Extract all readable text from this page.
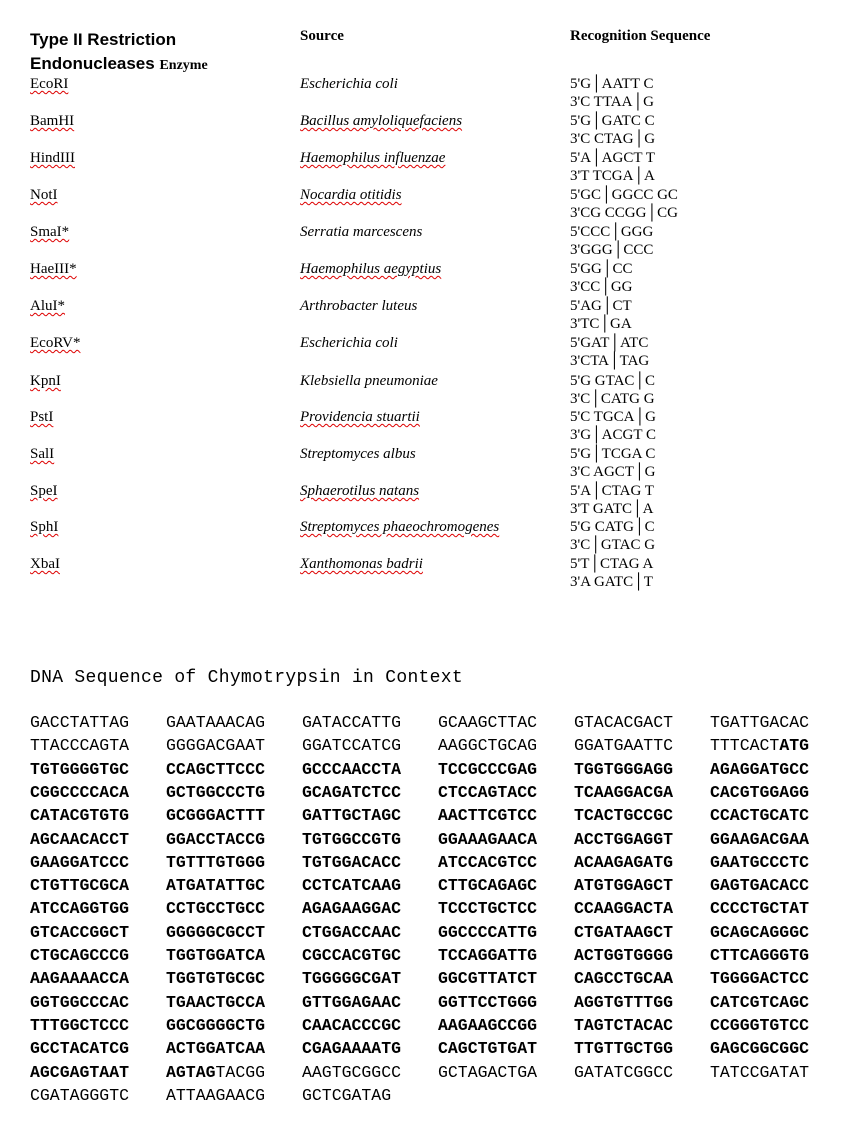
Type II Restriction
Endonucleases Enzyme
Source	Recognition Sequence
EcoRI	Escherichia coli	5'G│AATT C
3'C TTAA│G
BamHI	Bacillus amyloliquefaciens	5'G│GATC C
3'C CTAG│G
HindIII	Haemophilus influenzae	5'A│AGCT T
3'T TCGA│A
NotI	Nocardia otitidis	5'GC│GGCC GC
3'CG CCGG│CG
SmaI*	Serratia marcescens	5'CCC│GGG
3'GGG│CCC
HaeIII*	Haemophilus aegyptius	5'GG│CC
3'CC│GG
AluI*	Arthrobacter luteus	5'AG│CT
3'TC│GA
EcoRV*	Escherichia coli	5'GAT│ATC
3'CTA│TAG
KpnI	Klebsiella pneumoniae	5'G GTAC│C
3'C│CATG G
PstI	Providencia stuartii	5'C TGCA│G
3'G│ACGT C
SalI	Streptomyces albus	5'G│TCGA C
3'C AGCT│G
SpeI	Sphaerotilus natans	5'A│CTAG T
3'T GATC│A
SphI	Streptomyces phaeochromogenes	5'G CATG│C
3'C│GTAC G
XbaI	Xanthomonas badrii	5'T│CTAG A
3'A GATC│T
DNA Sequence of Chymotrypsin in Context
GACCTATTAG GAATAAACAG GATACCATTG GCAAGCTTAC GTACACGACT TGATTGACAC
TTACCCAGTA GGGGACGAAT GGATCCATCG AAGGCTGCAG GGATGAATTC TTTCACTATG
TGTGGGGTGC CCAGCTTCCC GCCCAACCTA TCCGCCCGAG TGGTGGGAGG AGAGGATGCC
CGGCCCCACA GCTGGCCCTG GCAGATCTCC CTCCAGTACC TCAAGGACGA CACGTGGAGG
CATACGTGTG GCGGGACTTT GATTGCTAGC AACTTCGTCC TCACTGCCGC CCACTGCATC
AGCAACACCT GGACCTACCG TGTGGCCGTG GGAAAGAACA ACCTGGAGGT GGAAGACGAA
GAAGGATCCC TGTTTGTGGG TGTGGACACC ATCCACGTCC ACAAGAGATG GAATGCCCTC
CTGTTGCGCA ATGATATTGC CCTCATCAAG CTTGCAGAGC ATGTGGAGCT GAGTGACACC
ATCCAGGTGG CCTGCCTGCC AGAGAAGGAC TCCCTGCTCC CCAAGGACTA CCCCTGCTAT
GTCACCGGCT GGGGGCGCCT CTGGACCAAC GGCCCCATTG CTGATAAGCT GCAGCAGGGC
CTGCAGCCCG TGGTGGATCA CGCCACGTGC TCCAGGATTG ACTGGTGGGG CTTCAGGGTG
AAGAAAACCA TGGTGTGCGC TGGGGGCGAT GGCGTTATCT CAGCCTGCAA TGGGGACTCC
GGTGGCCCAC TGAACTGCCA GTTGGAGAAC GGTTCCTGGG AGGTGTTTGG CATCGTCAGC
TTTGGCTCCC GGCGGGGCTG CAACACCCGC AAGAAGCCGG TAGTCTACAC CCGGGTGTCC
GCCTACATCG ACTGGATCAA CGAGAAAATG CAGCTGTGAT TTGTTGCTGG GAGCGGCGGC
AGCGAGTAAT AGTAGTACGG AAGTGCGGCC GCTAGACTGA GATATCGGCC TATCCGATAT
CGATAGGGTC ATTAAGAACG GCTCGATAG
